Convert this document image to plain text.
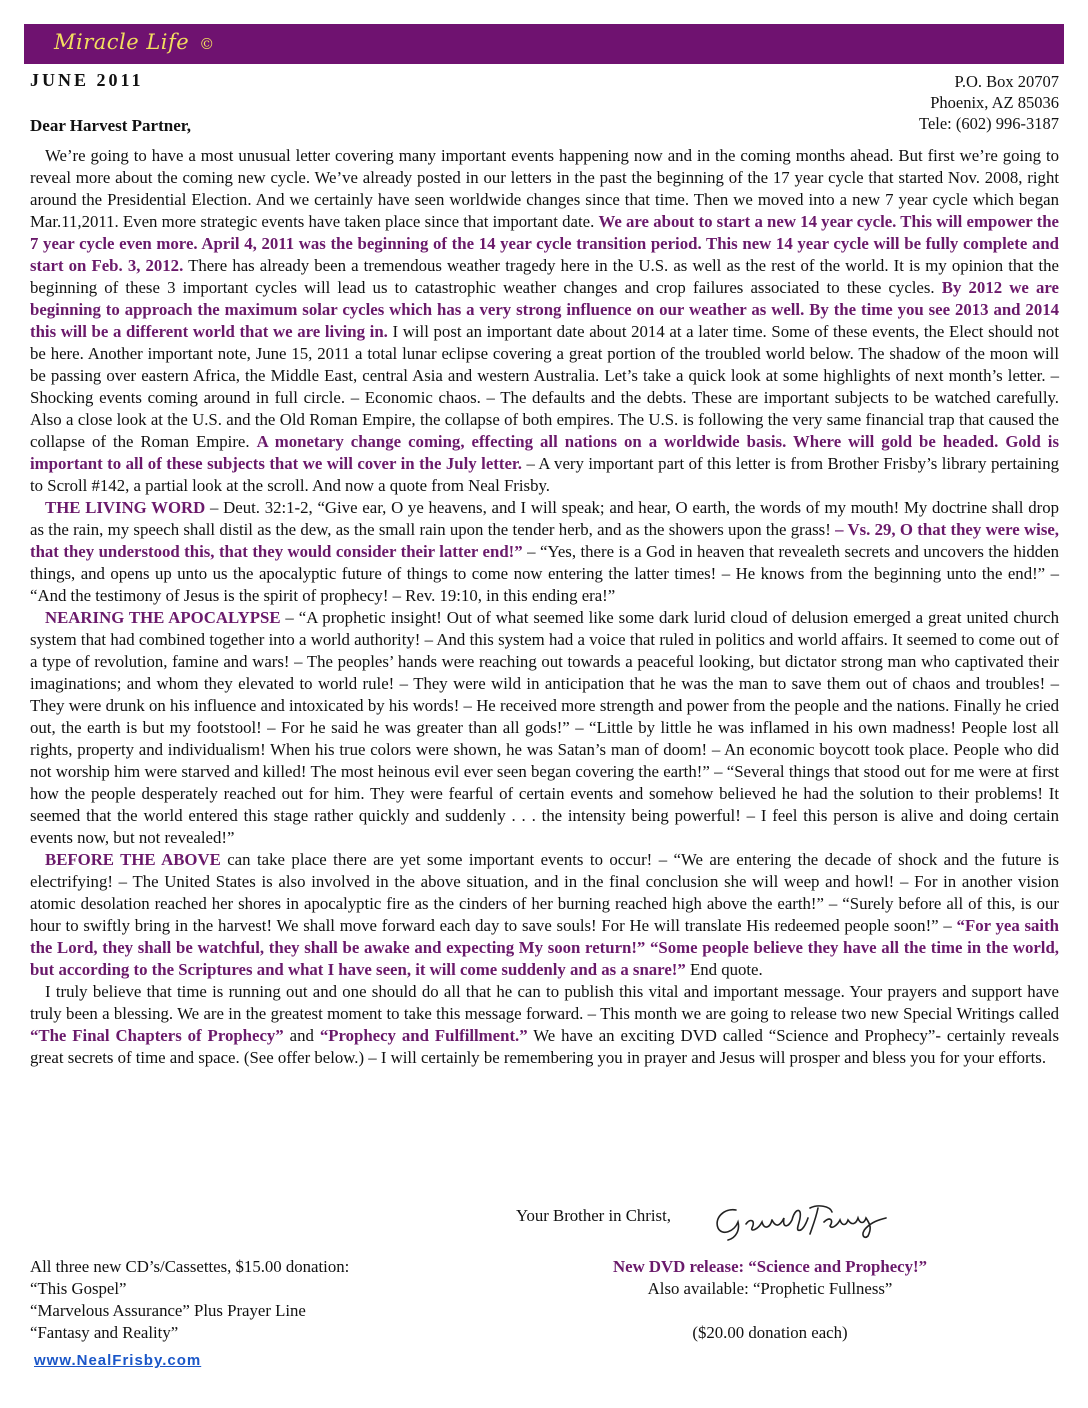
Miracle Life ©
JUNE 2011	P.O. Box 20707
Phoenix, AZ 85036
Tele: (602) 996-3187
Dear Harvest Partner,

We’re going to have a most unusual letter covering many important events happening now and in the coming months ahead. But first we’re going to reveal more about the coming new cycle. We’ve already posted in our letters in the past the beginning of the 17 year cycle that started Nov. 2008, right around the Presidential Election. And we certainly have seen worldwide changes since that time. Then we moved into a new 7 year cycle which began Mar.11,2011. Even more strategic events have taken place since that important date. We are about to start a new 14 year cycle. This will empower the 7 year cycle even more. April 4, 2011 was the beginning of the 14 year cycle transition period. This new 14 year cycle will be fully complete and start on Feb. 3, 2012. There has already been a tremendous weather tragedy here in the U.S. as well as the rest of the world. It is my opinion that the beginning of these 3 important cycles will lead us to catastrophic weather changes and crop failures associated to these cycles. By 2012 we are beginning to approach the maximum solar cycles which has a very strong influence on our weather as well. By the time you see 2013 and 2014 this will be a different world that we are living in. I will post an important date about 2014 at a later time. Some of these events, the Elect should not be here. Another important note, June 15, 2011 a total lunar eclipse covering a great portion of the troubled world below. The shadow of the moon will be passing over eastern Africa, the Middle East, central Asia and western Australia. Let’s take a quick look at some highlights of next month’s letter. – Shocking events coming around in full circle. – Economic chaos. – The defaults and the debts. These are important subjects to be watched carefully. Also a close look at the U.S. and the Old Roman Empire, the collapse of both empires. The U.S. is following the very same financial trap that caused the collapse of the Roman Empire. A monetary change coming, effecting all nations on a worldwide basis. Where will gold be headed. Gold is important to all of these subjects that we will cover in the July letter. – A very important part of this letter is from Brother Frisby’s library pertaining to Scroll #142, a partial look at the scroll. And now a quote from Neal Frisby.

THE LIVING WORD – Deut. 32:1-2, “Give ear, O ye heavens, and I will speak; and hear, O earth, the words of my mouth! My doctrine shall drop as the rain, my speech shall distil as the dew, as the small rain upon the tender herb, and as the showers upon the grass! – Vs. 29, O that they were wise, that they understood this, that they would consider their latter end!” – “Yes, there is a God in heaven that revealeth secrets and uncovers the hidden things, and opens up unto us the apocalyptic future of things to come now entering the latter times! – He knows from the beginning unto the end!” – “And the testimony of Jesus is the spirit of prophecy! – Rev. 19:10, in this ending era!”

NEARING THE APOCALYPSE – “A prophetic insight! Out of what seemed like some dark lurid cloud of delusion emerged a great united church system that had combined together into a world authority! – And this system had a voice that ruled in politics and world affairs. It seemed to come out of a type of revolution, famine and wars! – The peoples’ hands were reaching out towards a peaceful looking, but dictator strong man who captivated their imaginations; and whom they elevated to world rule! – They were wild in anticipation that he was the man to save them out of chaos and troubles! – They were drunk on his influence and intoxicated by his words! – He received more strength and power from the people and the nations. Finally he cried out, the earth is but my footstool! – For he said he was greater than all gods!” – “Little by little he was inflamed in his own madness! People lost all rights, property and individualism! When his true colors were shown, he was Satan’s man of doom! – An economic boycott took place. People who did not worship him were starved and killed! The most heinous evil ever seen began covering the earth!” – “Several things that stood out for me were at first how the people desperately reached out for him. They were fearful of certain events and somehow believed he had the solution to their problems! It seemed that the world entered this stage rather quickly and suddenly . . . the intensity being powerful! – I feel this person is alive and doing certain events now, but not revealed!”

BEFORE THE ABOVE can take place there are yet some important events to occur! – “We are entering the decade of shock and the future is electrifying! – The United States is also involved in the above situation, and in the final conclusion she will weep and howl! – For in another vision atomic desolation reached her shores in apocalyptic fire as the cinders of her burning reached high above the earth!” – “Surely before all of this, is our hour to swiftly bring in the harvest! We shall move forward each day to save souls! For He will translate His redeemed people soon!” – “For yea saith the Lord, they shall be watchful, they shall be awake and expecting My soon return!” “Some people believe they have all the time in the world, but according to the Scriptures and what I have seen, it will come suddenly and as a snare!” End quote.

I truly believe that time is running out and one should do all that he can to publish this vital and important message. Your prayers and support have truly been a blessing. We are in the greatest moment to take this message forward. – This month we are going to release two new Special Writings called “The Final Chapters of Prophecy” and “Prophecy and Fulfillment.” We have an exciting DVD called “Science and Prophecy”- certainly reveals great secrets of time and space. (See offer below.) – I will certainly be remembering you in prayer and Jesus will prosper and bless you for your efforts.

Your Brother in Christ,
All three new CD’s/Cassettes, $15.00 donation:
“This Gospel”
“Marvelous Assurance” Plus Prayer Line
“Fantasy and Reality”
New DVD release: “Science and Prophecy!”
Also available: “Prophetic Fullness”

($20.00 donation each)
www.NealFrisby.com
